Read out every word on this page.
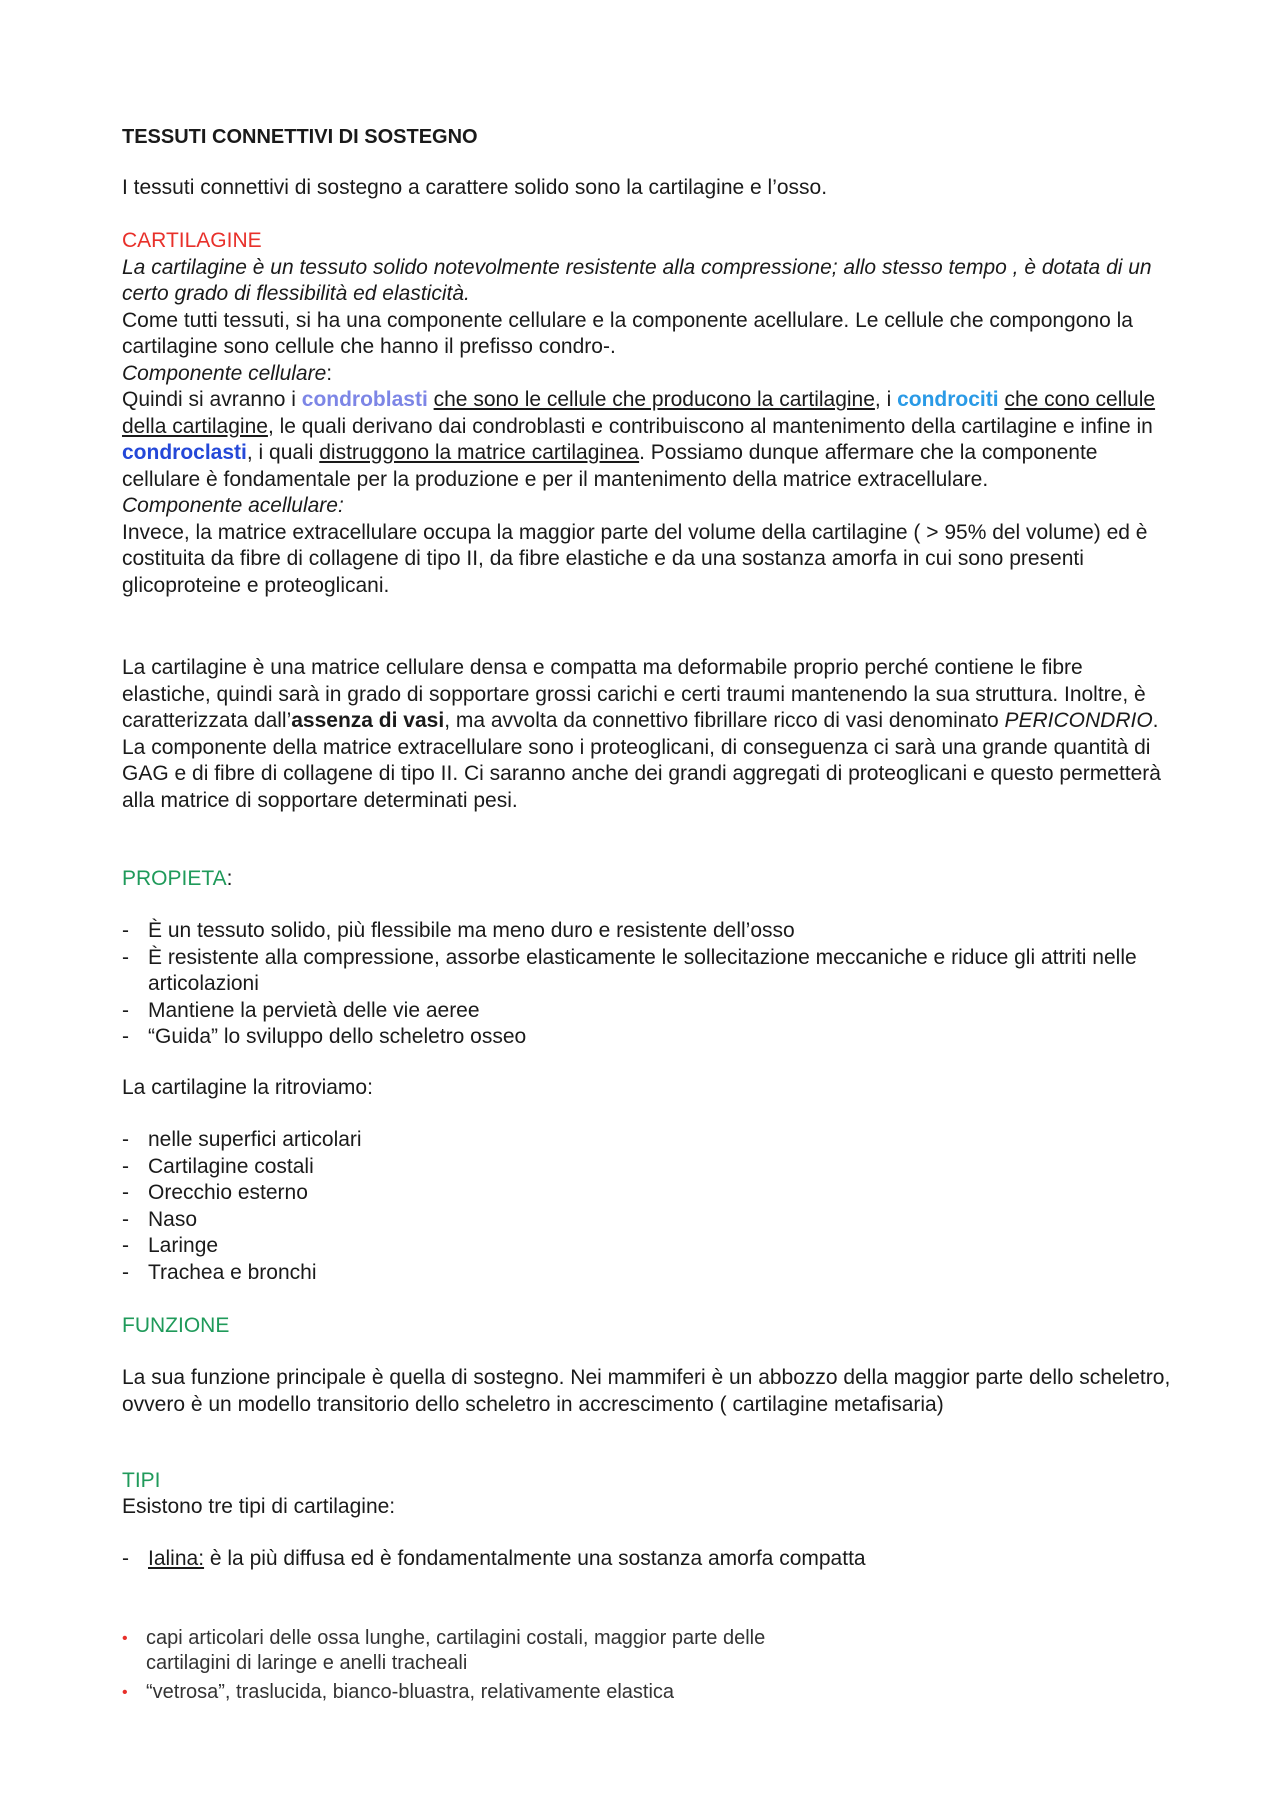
TESSUTI CONNETTIVI DI SOSTEGNO

I tessuti connettivi di sostegno a carattere solido sono la cartilagine e l’osso.

CARTILAGINE

La cartilagine è un tessuto solido notevolmente resistente alla compressione; allo stesso tempo , è dotata di un certo grado di flessibilità ed elasticità.

Come tutti tessuti, si ha una componente cellulare e la componente acellulare. Le cellule che compongono la cartilagine sono cellule che hanno il prefisso condro-.

Componente cellulare:

Quindi si avranno i condroblasti che sono le cellule che producono la cartilagine, i condrociti che cono cellule della cartilagine, le quali derivano dai condroblasti e contribuiscono al mantenimento della cartilagine e infine in condroclasti, i quali distruggono la matrice cartilaginea. Possiamo dunque affermare che la componente cellulare è fondamentale per la produzione e per il mantenimento della matrice extracellulare.

Componente acellulare:

Invece, la matrice extracellulare occupa la maggior parte del volume della cartilagine ( > 95% del volume) ed è costituita da fibre di collagene di tipo II, da fibre elastiche e da una sostanza amorfa in cui sono presenti glicoproteine e proteoglicani.

La cartilagine è una matrice cellulare densa e compatta ma deformabile proprio perché contiene le fibre elastiche, quindi sarà in grado di sopportare grossi carichi e certi traumi mantenendo la sua struttura. Inoltre, è caratterizzata dall’assenza di vasi, ma avvolta da connettivo fibrillare ricco di vasi denominato PERICONDRIO. La componente della matrice extracellulare sono i proteoglicani, di conseguenza ci sarà una grande quantità di GAG e di fibre di collagene di tipo II. Ci saranno anche dei grandi aggregati di proteoglicani e questo permetterà alla matrice di sopportare determinati pesi.

PROPIETA:

- È un tessuto solido, più flessibile ma meno duro e resistente dell’osso
- È resistente alla compressione, assorbe elasticamente le sollecitazione meccaniche e riduce gli attriti nelle articolazioni
- Mantiene la pervietà delle vie aeree
- “Guida” lo sviluppo dello scheletro osseo

La cartilagine la ritroviamo:

- nelle superfici articolari
- Cartilagine costali
- Orecchio esterno
- Naso
- Laringe
- Trachea e bronchi

FUNZIONE

La sua funzione principale è quella di sostegno. Nei mammiferi è un abbozzo della maggior parte dello scheletro, ovvero è un modello transitorio dello scheletro in accrescimento ( cartilagine metafisaria)

TIPI

Esistono tre tipi di cartilagine:

- Ialina: è la più diffusa ed è fondamentalmente una sostanza amorfa compatta
• capi articolari delle ossa lunghe, cartilagini costali, maggior parte delle cartilagini di laringe e anelli tracheali
• “vetrosa”, traslucida, bianco-bluastra, relativamente elastica
